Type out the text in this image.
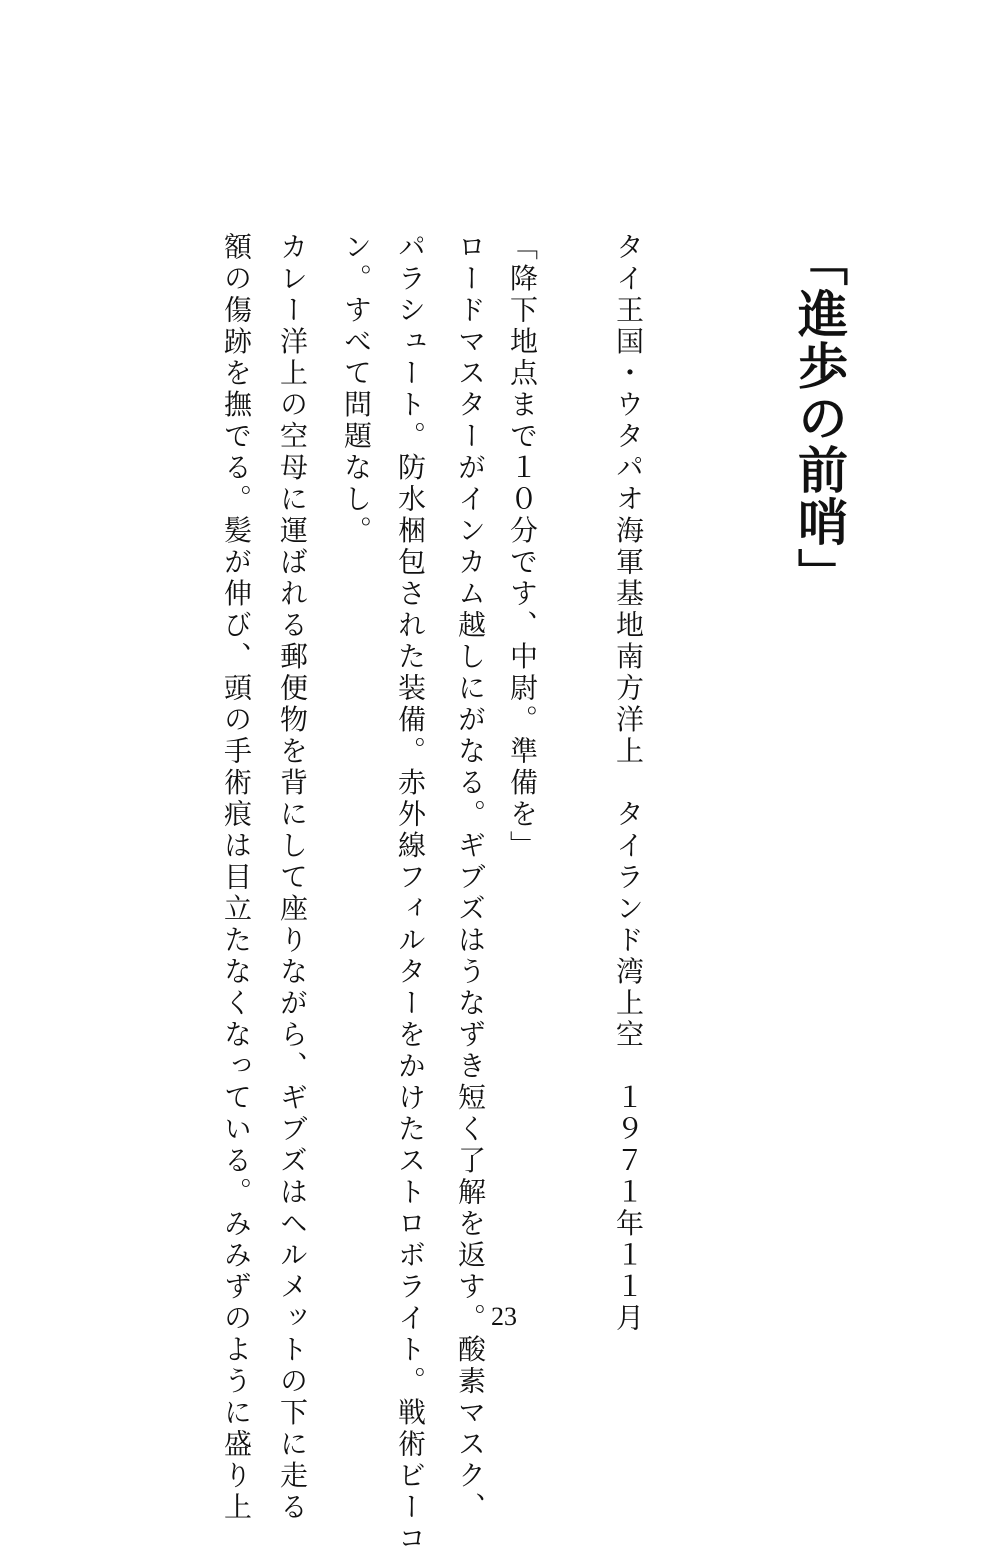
「進歩の前哨」

タイ王国・ウタパオ海軍基地南方洋上　タイランド湾上空　１９７１年１１月

「降下地点まで１０分です、中尉。準備を」

ロードマスターがインカム越しにがなる。ギブズはうなずき短く了解を返す。酸素マスク、

パラシュート。防水梱包された装備。赤外線フィルターをかけたストロボライト。戦術ビーコ

ン。すべて問題なし。

カレー洋上の空母に運ばれる郵便物を背にして座りながら、ギブズはヘルメットの下に走る

額の傷跡を撫でる。髪が伸び、頭の手術痕は目立たなくなっている。みみずのように盛り上	23
